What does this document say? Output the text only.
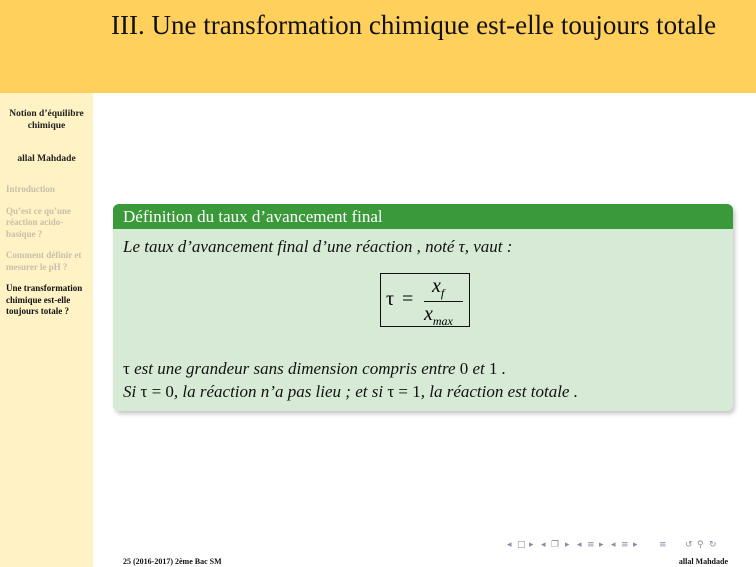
Notion d’équilibre chimique
allal Mahdade
Introduction
Qu’est ce qu’une réaction acido-basique ?
Comment définir et mesurer le pH ?
Une transformation chimique est-elle toujours totale ?
III. Une transformation chimique est-elle toujours totale
Définition du taux d’avancement final
Le taux d’avancement final d’une réaction , noté τ, vaut :
τ =
$x_f$
$x_{max}$
τ est une grandeur sans dimension compris entre 0 et 1 .
Si τ = 0, la réaction n’a pas lieu ; et si τ = 1, la réaction est totale .
◂ □ ▸ ◂ ❐ ▸ ◂ ≡ ▸ ◂ ≡ ▸ ≡ ↺ ⚲ ↻
25 (2016-2017) 2ème Bac SM	allal Mahdade
